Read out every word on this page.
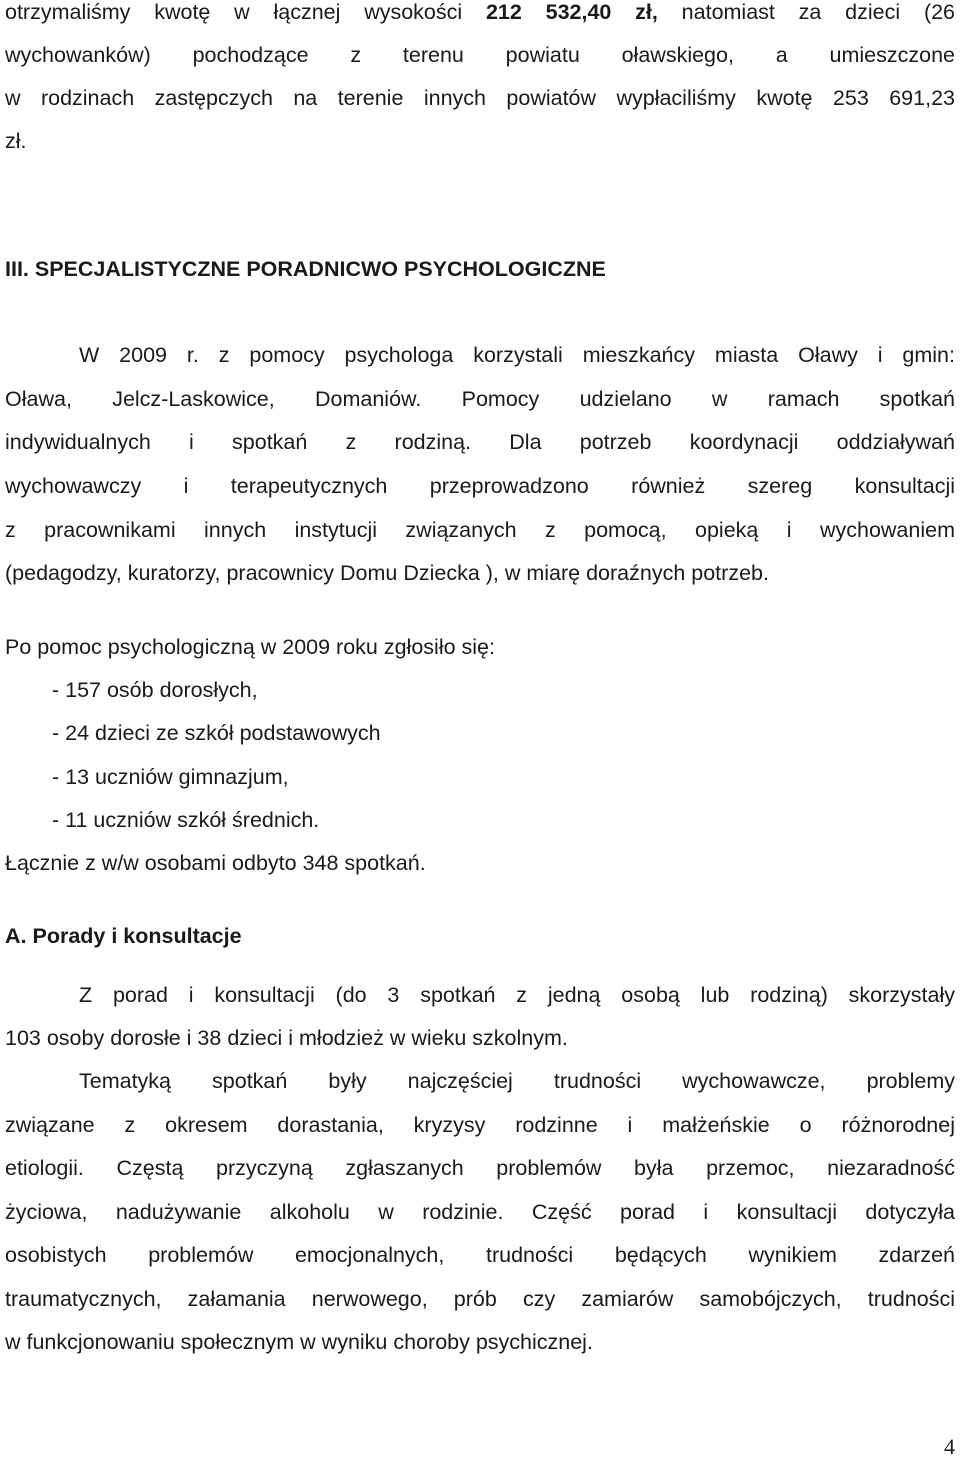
otrzymaliśmy kwotę w łącznej wysokości 212 532,40 zł, natomiast za dzieci (26
wychowanków) pochodzące z terenu powiatu oławskiego, a umieszczone
w rodzinach zastępczych na terenie innych powiatów wypłaciliśmy kwotę 253 691,23
zł.
III. SPECJALISTYCZNE PORADNICWO PSYCHOLOGICZNE
W 2009 r. z pomocy psychologa korzystali mieszkańcy miasta Oławy i gmin:
Oława, Jelcz-Laskowice, Domaniów. Pomocy udzielano w ramach spotkań
indywidualnych i spotkań z rodziną. Dla potrzeb koordynacji oddziaływań
wychowawczy i terapeutycznych przeprowadzono również szereg konsultacji
z pracownikami innych instytucji związanych z pomocą, opieką i wychowaniem
(pedagodzy, kuratorzy, pracownicy Domu Dziecka ), w miarę doraźnych potrzeb.
Po pomoc psychologiczną w 2009 roku zgłosiło się:
- 157 osób dorosłych,
- 24 dzieci ze szkół podstawowych
- 13 uczniów gimnazjum,
- 11 uczniów szkół średnich.
Łącznie z w/w osobami odbyto 348 spotkań.
A. Porady i konsultacje
Z porad i konsultacji (do 3 spotkań z jedną osobą lub rodziną) skorzystały
103 osoby dorosłe i 38 dzieci i młodzież w wieku szkolnym.
Tematyką spotkań były najczęściej trudności wychowawcze, problemy
związane z okresem dorastania, kryzysy rodzinne i małżeńskie o różnorodnej
etiologii. Częstą przyczyną zgłaszanych problemów była przemoc, niezaradność
życiowa, nadużywanie alkoholu w rodzinie. Część porad i konsultacji dotyczyła
osobistych problemów emocjonalnych, trudności będących wynikiem zdarzeń
traumatycznych, załamania nerwowego, prób czy zamiarów samobójczych, trudności
w funkcjonowaniu społecznym w wyniku choroby psychicznej.
4
